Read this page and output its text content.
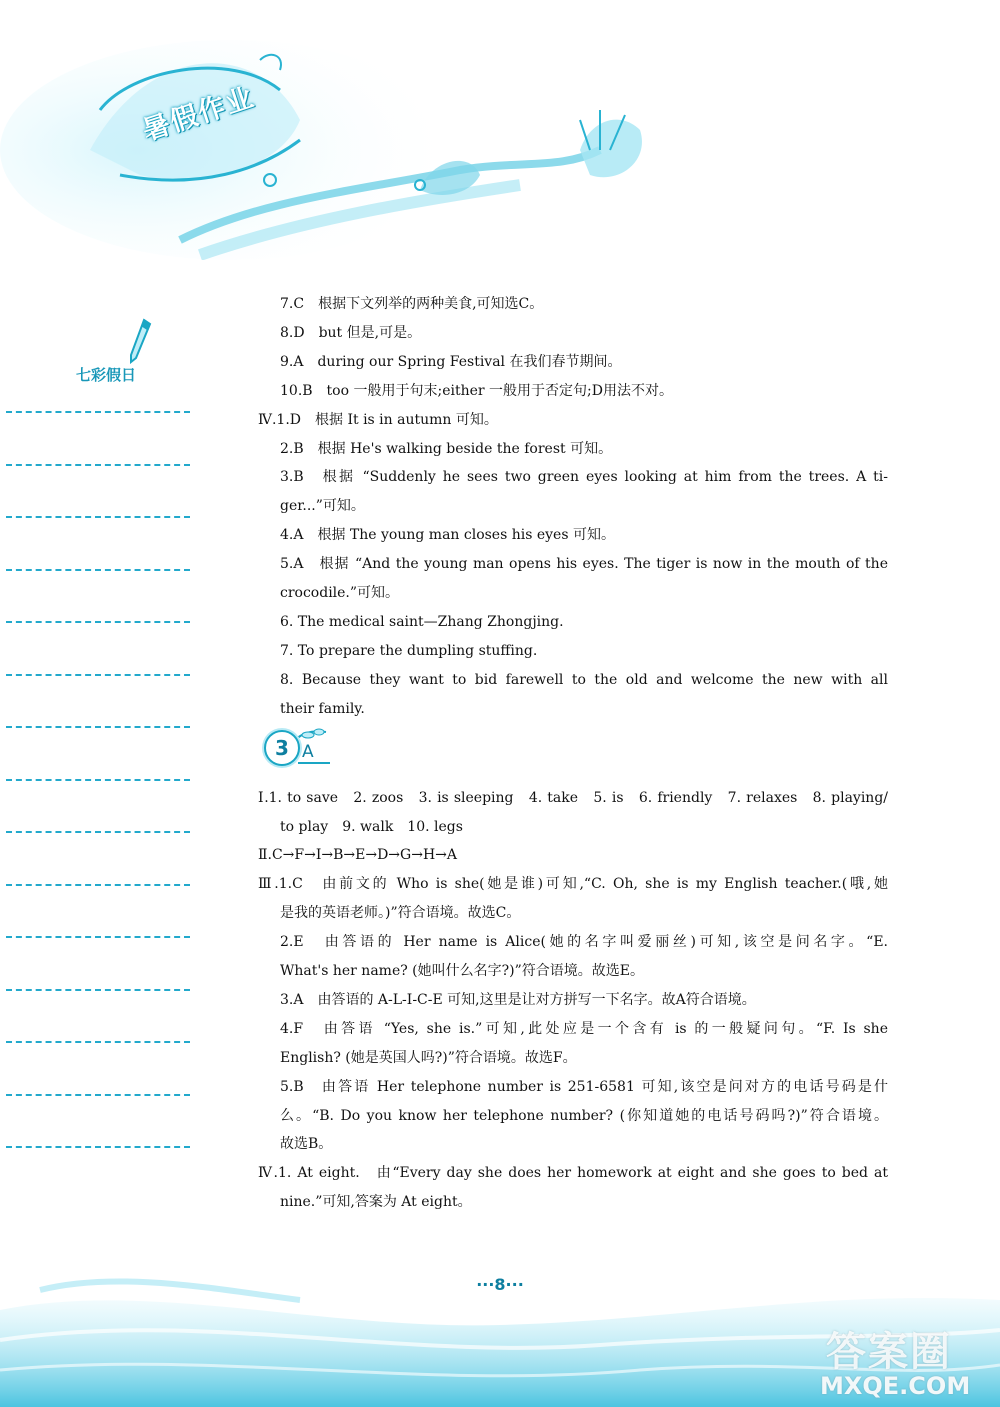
暑假作业
七彩假日
7.C　根据下文列举的两种美食,可知选C。
8.D　but 但是,可是。
9.A　during our Spring Festival 在我们春节期间。
10.B　too 一般用于句末;either 一般用于否定句;D用法不对。
Ⅳ.1.D　根据 It is in autumn 可知。
2.B　根据 He's walking beside the forest 可知。
3.B　根据 “Suddenly he sees two green eyes looking at him from the trees. A ti-
ger...”可知。
4.A　根据 The young man closes his eyes 可知。
5.A　根据 “And the young man opens his eyes. The tiger is now in the mouth of the
crocodile.”可知。
6. The medical saint—Zhang Zhongjing.
7. To prepare the dumpling stuffing.
8. Because they want to bid farewell to the old and welcome the new with all
their family.
3 A
Ⅰ.1. to save　2. zoos　3. is sleeping　4. take　5. is　6. friendly　7. relaxes　8. playing/
to play　9. walk　10. legs
Ⅱ.C→F→I→B→E→D→G→H→A
Ⅲ.1.C　由前文的 Who is she(她是谁)可知,“C. Oh, she is my English teacher.(哦,她
是我的英语老师。)”符合语境。故选C。
2.E　由答语的 Her name is Alice(她的名字叫爱丽丝)可知,该空是问名字。“E.
What's her name? (她叫什么名字?)”符合语境。故选E。
3.A　由答语的 A-L-I-C-E 可知,这里是让对方拼写一下名字。故A符合语境。
4.F　由答语 “Yes, she is.”可知,此处应是一个含有 is 的一般疑问句。“F. Is she
English? (她是英国人吗?)”符合语境。故选F。
5.B　由答语 Her telephone number is 251-6581 可知,该空是问对方的电话号码是什
么。“B. Do you know her telephone number? (你知道她的电话号码吗?)”符合语境。
故选B。
Ⅳ.1. At eight.　由“Every day she does her homework at eight and she goes to bed at
nine.”可知,答案为 At eight。
···8···
答案圈
MXQE.COM
